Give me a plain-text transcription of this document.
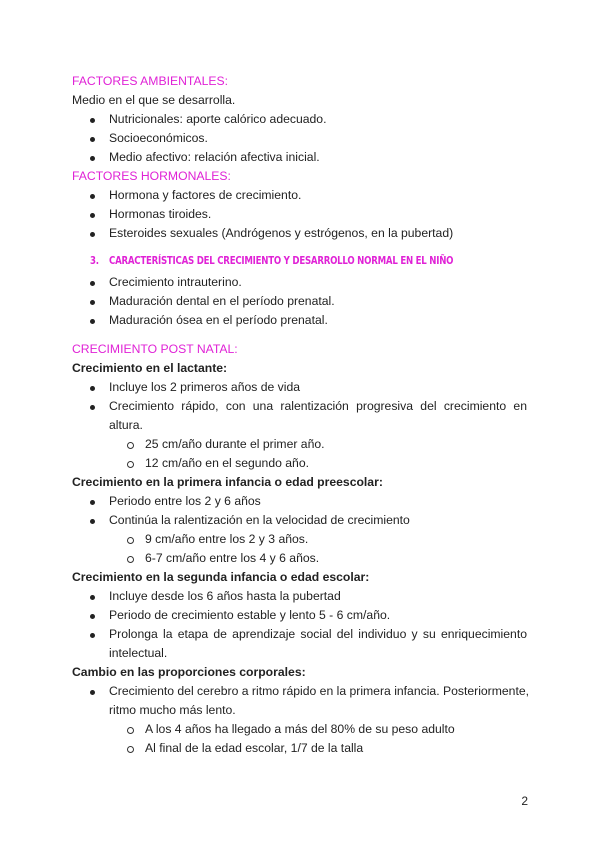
FACTORES AMBIENTALES:
Medio en el que se desarrolla.
Nutricionales: aporte calórico adecuado.
Socioeconómicos.
Medio afectivo: relación afectiva inicial.
FACTORES HORMONALES:
Hormona y factores de crecimiento.
Hormonas tiroides.
Esteroides sexuales (Andrógenos y estrógenos, en la pubertad)
3. CARACTERÍSTICAS DEL CRECIMIENTO Y DESARROLLO NORMAL EN EL NIÑO
Crecimiento intrauterino.
Maduración dental en el período prenatal.
Maduración ósea en el período prenatal.
CRECIMIENTO POST NATAL:
Crecimiento en el lactante:
Incluye los 2 primeros años de vida
Crecimiento rápido, con una ralentización progresiva del crecimiento en altura.
25 cm/año durante el primer año.
12 cm/año en el segundo año.
Crecimiento en la primera infancia o edad preescolar:
Periodo entre los 2 y 6 años
Continúa la ralentización en la velocidad de crecimiento
9 cm/año entre los 2 y 3 años.
6-7 cm/año entre los 4 y 6 años.
Crecimiento en la segunda infancia o edad escolar:
Incluye desde los 6 años hasta la pubertad
Periodo de crecimiento estable y lento 5 - 6 cm/año.
Prolonga la etapa de aprendizaje social del individuo y su enriquecimiento intelectual.
Cambio en las proporciones corporales:
Crecimiento del cerebro a ritmo rápido en la primera infancia. Posteriormente, ritmo mucho más lento.
A los 4 años ha llegado a más del 80% de su peso adulto
Al final de la edad escolar, 1/7 de la talla
2
